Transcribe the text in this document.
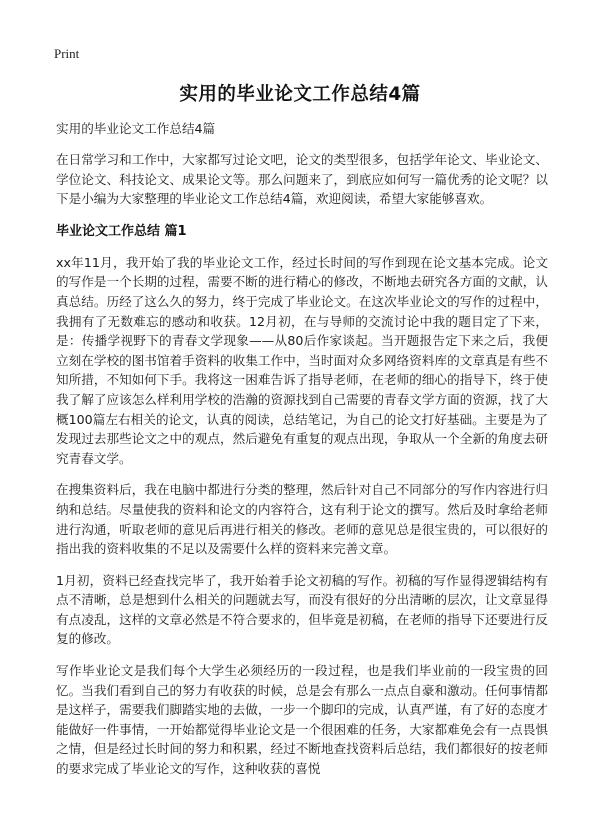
Print
实用的毕业论文工作总结4篇

实用的毕业论文工作总结4篇

在日常学习和工作中，大家都写过论文吧，论文的类型很多，包括学年论文、毕业论文、学位论文、科技论文、成果论文等。那么问题来了，到底应如何写一篇优秀的论文呢？以下是小编为大家整理的毕业论文工作总结4篇，欢迎阅读，希望大家能够喜欢。

毕业论文工作总结 篇1

xx年11月，我开始了我的毕业论文工作，经过长时间的写作到现在论文基本完成。论文的写作是一个长期的过程，需要不断的进行精心的修改，不断地去研究各方面的文献，认真总结。历经了这么久的努力，终于完成了毕业论文。在这次毕业论文的写作的过程中，我拥有了无数难忘的感动和收获。12月初，在与导师的交流讨论中我的题目定了下来，是：传播学视野下的青春文学现象——从80后作家谈起。当开题报告定下来之后，我便立刻在学校的图书馆着手资料的收集工作中，当时面对众多网络资料库的文章真是有些不知所措，不知如何下手。我将这一困难告诉了指导老师，在老师的细心的指导下，终于使我了解了应该怎么样利用学校的浩瀚的资源找到自己需要的青春文学方面的资源，找了大概100篇左右相关的论文，认真的阅读，总结笔记，为自己的论文打好基础。主要是为了发现过去那些论文之中的观点，然后避免有重复的观点出现，争取从一个全新的角度去研究青春文学。

在搜集资料后，我在电脑中都进行分类的整理，然后针对自己不同部分的写作内容进行归纳和总结。尽量使我的资料和论文的内容符合，这有利于论文的撰写。然后及时拿给老师进行沟通，听取老师的意见后再进行相关的修改。老师的意见总是很宝贵的，可以很好的指出我的资料收集的不足以及需要什么样的资料来完善文章。

1月初，资料已经查找完毕了，我开始着手论文初稿的写作。初稿的写作显得逻辑结构有点不清晰，总是想到什么相关的问题就去写，而没有很好的分出清晰的层次，让文章显得有点凌乱，这样的文章必然是不符合要求的，但毕竟是初稿，在老师的指导下还要进行反复的修改。

写作毕业论文是我们每个大学生必须经历的一段过程，也是我们毕业前的一段宝贵的回忆。当我们看到自己的努力有收获的时候，总是会有那么一点点自豪和激动。任何事情都是这样子，需要我们脚踏实地的去做，一步一个脚印的完成，认真严谨，有了好的态度才能做好一件事情，一开始都觉得毕业论文是一个很困难的任务，大家都难免会有一点畏惧之情，但是经过长时间的努力和积累，经过不断地查找资料后总结，我们都很好的按老师的要求完成了毕业论文的写作，这种收获的喜悦
